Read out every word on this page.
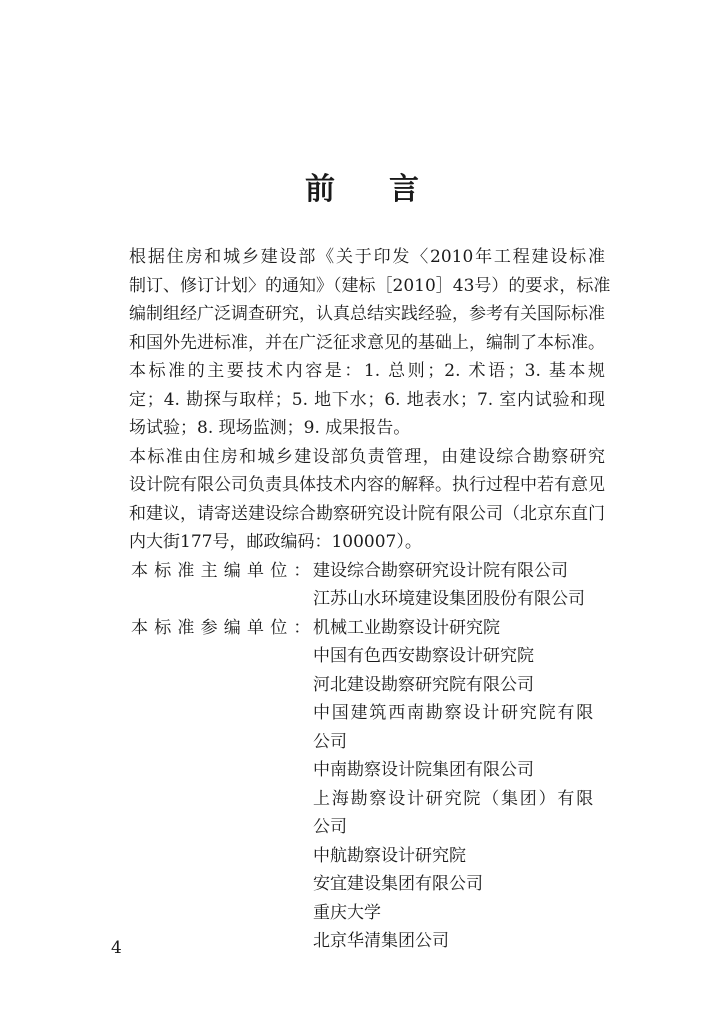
前言
根据住房和城乡建设部《关于印发〈2010年工程建设标准
制订、修订计划〉的通知》（建标［2010］43号）的要求，标准
编制组经广泛调查研究，认真总结实践经验，参考有关国际标准
和国外先进标准，并在广泛征求意见的基础上，编制了本标准。
本标准的主要技术内容是：1. 总则；2. 术语；3. 基本规
定；4. 勘探与取样；5. 地下水；6. 地表水；7. 室内试验和现
场试验；8. 现场监测；9. 成果报告。
本标准由住房和城乡建设部负责管理，由建设综合勘察研究
设计院有限公司负责具体技术内容的解释。执行过程中若有意见
和建议，请寄送建设综合勘察研究设计院有限公司（北京东直门
内大街177号，邮政编码：100007）。
本标准主编单位：
建设综合勘察研究设计院有限公司
江苏山水环境建设集团股份有限公司
本标准参编单位：
机械工业勘察设计研究院
中国有色西安勘察设计研究院
河北建设勘察研究院有限公司
中国建筑西南勘察设计研究院有限
公司
中南勘察设计院集团有限公司
上海勘察设计研究院（集团）有限
公司
中航勘察设计研究院
安宜建设集团有限公司
重庆大学
北京华清集团公司
4
